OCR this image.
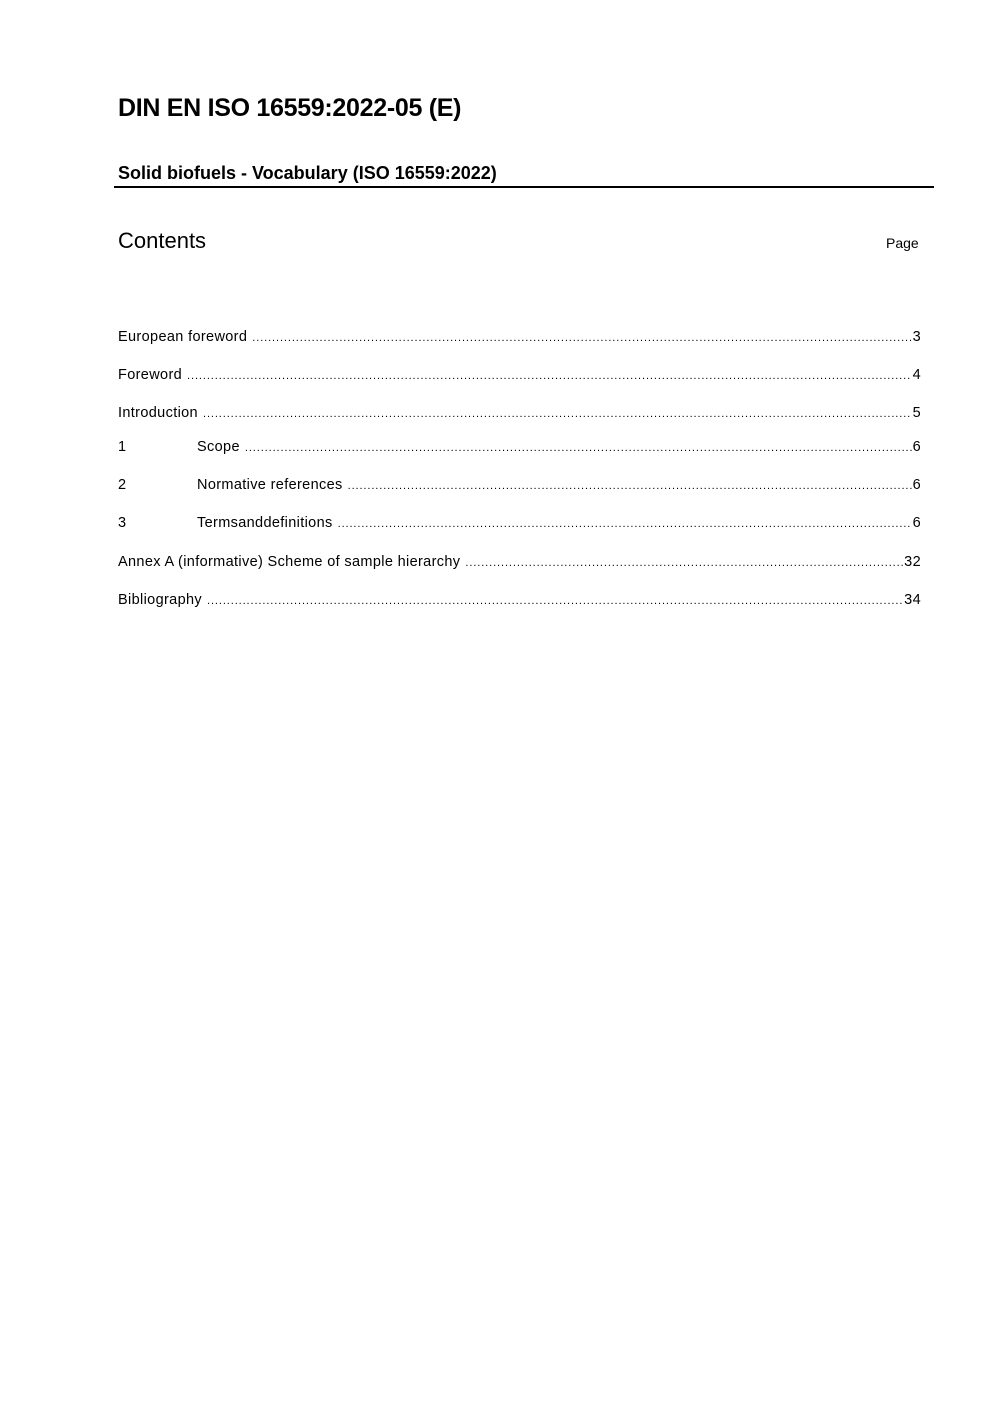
DIN EN ISO 16559:2022-05 (E)
Solid biofuels - Vocabulary (ISO 16559:2022)
Contents	Page
European foreword .....	3
Foreword .....	4
Introduction .....	5
1	Scope .....	6
2	Normative references .....	6
3	Termsanddefinitions .....	6
Annex A (informative) Scheme of sample hierarchy .....	32
Bibliography .....	34
